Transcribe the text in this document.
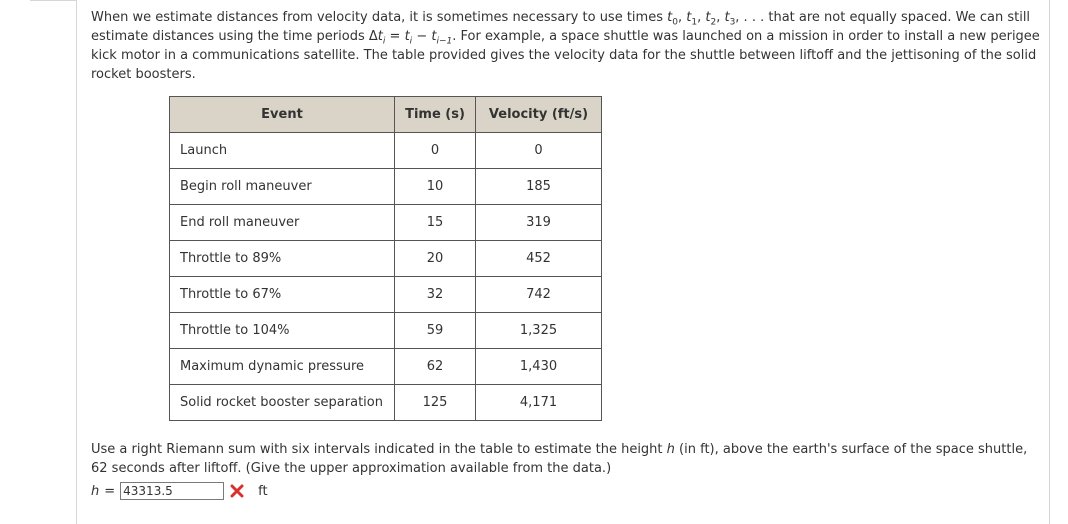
When we estimate distances from velocity data, it is sometimes necessary to use times $t_0$, $t_1$, $t_2$, $t_3$, . . . that are not equally spaced. We can still estimate distances using the time periods $\Delta t_i = t_i - t_{i-1}$. For example, a space shuttle was launched on a mission in order to install a new perigee kick motor in a communications satellite. The table provided gives the velocity data for the shuttle between liftoff and the jettisoning of the solid rocket boosters.
Event	Time (s)	Velocity (ft/s)
Launch	0	0
Begin roll maneuver	10	185
End roll maneuver	15	319
Throttle to 89%	20	452
Throttle to 67%	32	742
Throttle to 104%	59	1,325
Maximum dynamic pressure	62	1,430
Solid rocket booster separation	125	4,171
Use a right Riemann sum with six intervals indicated in the table to estimate the height h (in ft), above the earth's surface of the space shuttle, 62 seconds after liftoff. (Give the upper approximation available from the data.)
h =
43313.5	ft
